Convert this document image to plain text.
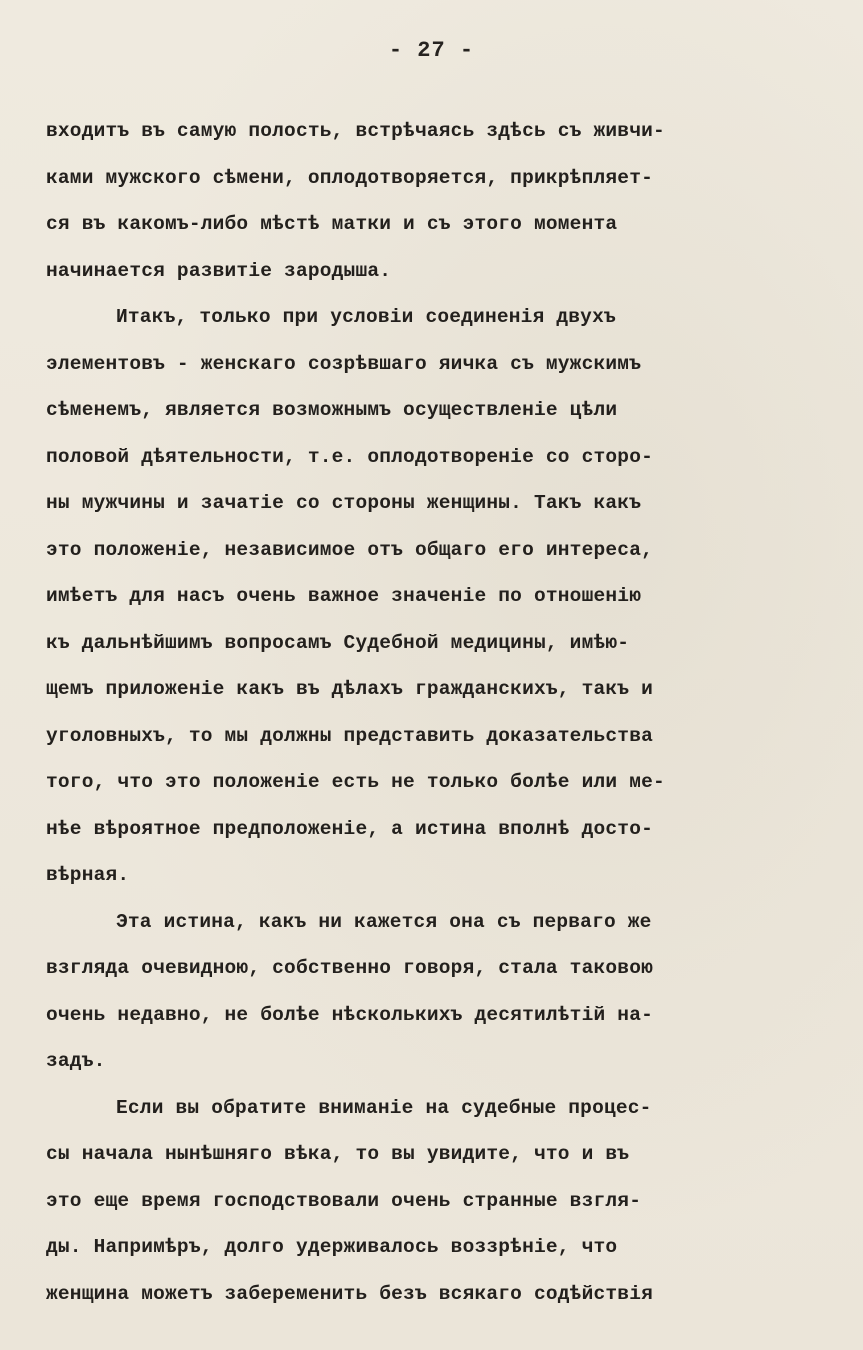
- 27 -
входитъ въ самую полость, встрѣчаясь здѣсь съ живчи-
ками мужского сѣмени, оплодотворяется, прикрѣпляет-
ся въ какомъ-либо мѣстѣ матки и съ этого момента
начинается развитіе зародыша.
Итакъ, только при условіи соединенія двухъ
элементовъ - женскаго созрѣвшаго яичка съ мужскимъ
сѣменемъ, является возможнымъ осуществленіе цѣли
половой дѣятельности, т.е. оплодотвореніе со сторо-
ны мужчины и зачатіе со стороны женщины. Такъ какъ
это положеніе, независимое отъ общаго его интереса,
имѣетъ для насъ очень важное значеніе по отношенію
къ дальнѣйшимъ вопросамъ Судебной медицины, имѣю-
щемъ приложеніе какъ въ дѣлахъ гражданскихъ, такъ и
уголовныхъ, то мы должны представить доказательства
того, что это положеніе есть не только болѣе или ме-
нѣе вѣроятное предположеніе, а истина вполнѣ досто-
вѣрная.
Эта истина, какъ ни кажется она съ перваго же
взгляда очевидною, собственно говоря, стала таковою
очень недавно, не болѣе нѣсколькихъ десятилѣтій на-
задъ.
Если вы обратите вниманіе на судебные процес-
сы начала нынѣшняго вѣка, то вы увидите, что и въ
это еще время господствовали очень странные взгля-
ды. Напримѣръ, долго удерживалось воззрѣніе, что
женщина можетъ забеременить безъ всякаго содѣйствія
